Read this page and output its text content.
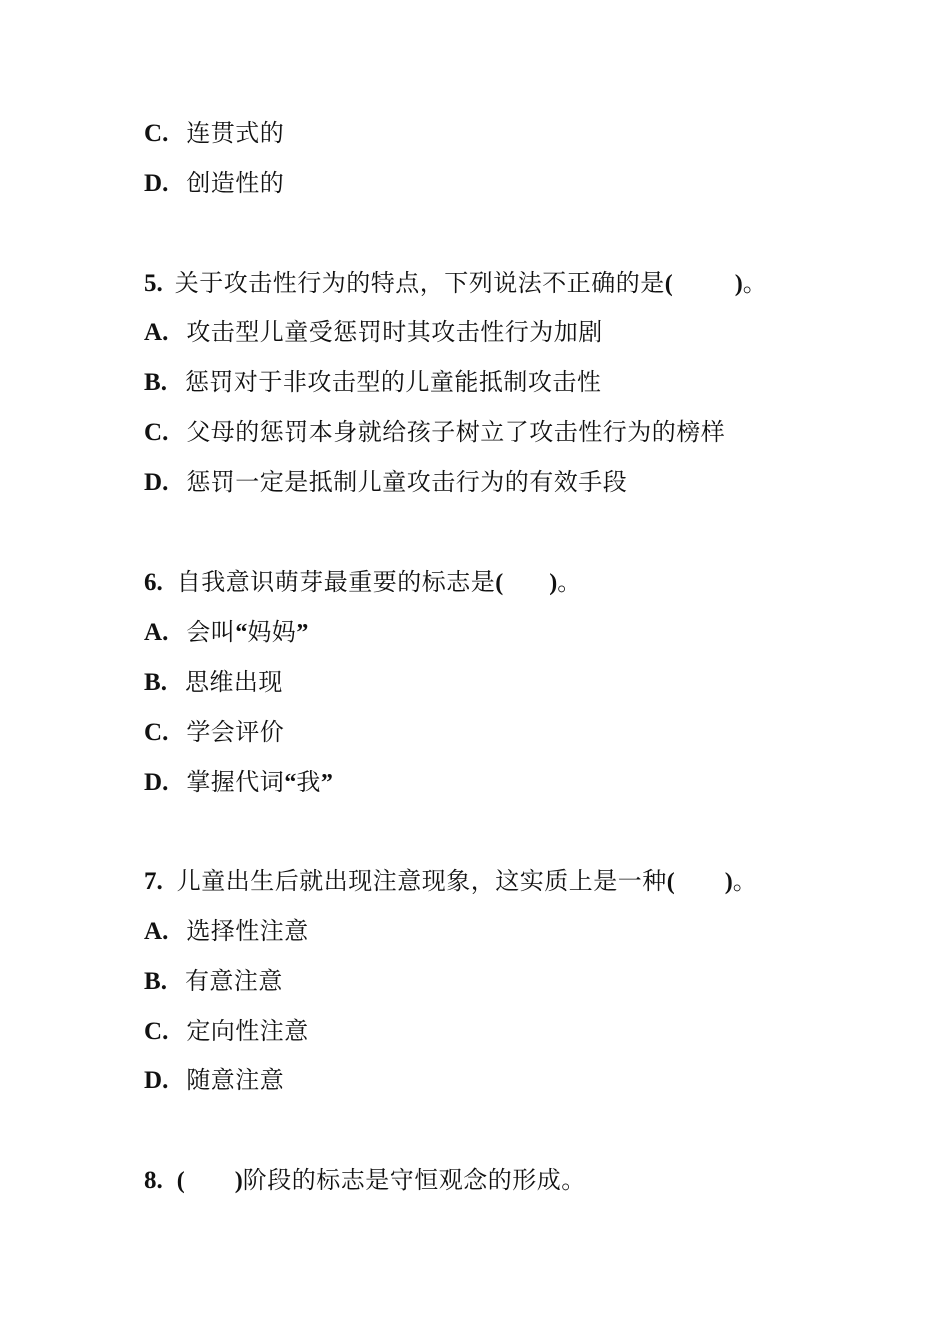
C. 连贯式的
D. 创造性的
5. 关于攻击性行为的特点，下列说法不正确的是(	)。
A. 攻击型儿童受惩罚时其攻击性行为加剧
B. 惩罚对于非攻击型的儿童能抵制攻击性
C. 父母的惩罚本身就给孩子树立了攻击性行为的榜样
D. 惩罚一定是抵制儿童攻击行为的有效手段
6. 自我意识萌芽最重要的标志是( )。
A. 会叫“妈妈”
B. 思维出现
C. 学会评价
D. 掌握代词“我”
7. 儿童出生后就出现注意现象，这实质上是一种( )。
A. 选择性注意
B. 有意注意
C. 定向性注意
D. 随意注意
8. ( )阶段的标志是守恒观念的形成。
